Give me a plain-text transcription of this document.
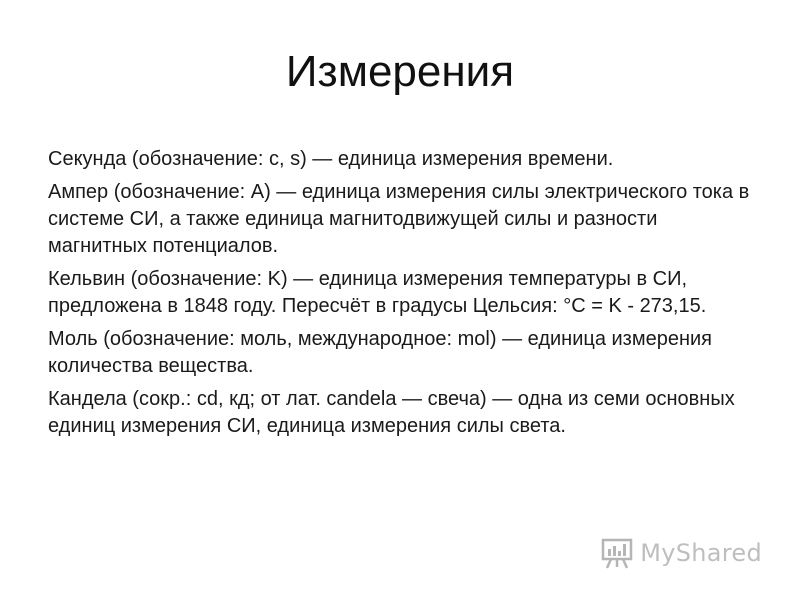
Измерения

Секунда (обозначение: с, s) — единица измерения времени.

Ампер (обозначение: А) — единица измерения силы электрического тока в системе СИ, а также единица магнитодвижущей силы и разности магнитных потенциалов.

Кельвин (обозначение: K) — единица измерения температуры в СИ, предложена в 1848 году. Пересчёт в градусы Цельсия: °C = K - 273,15.

Моль (обозначение: моль, международное: mol) — единица измерения количества вещества.

Кандела (сокр.: cd, кд; от лат. candela — свеча) — одна из семи основных единиц измерения СИ, единица измерения силы света.

MyShared
